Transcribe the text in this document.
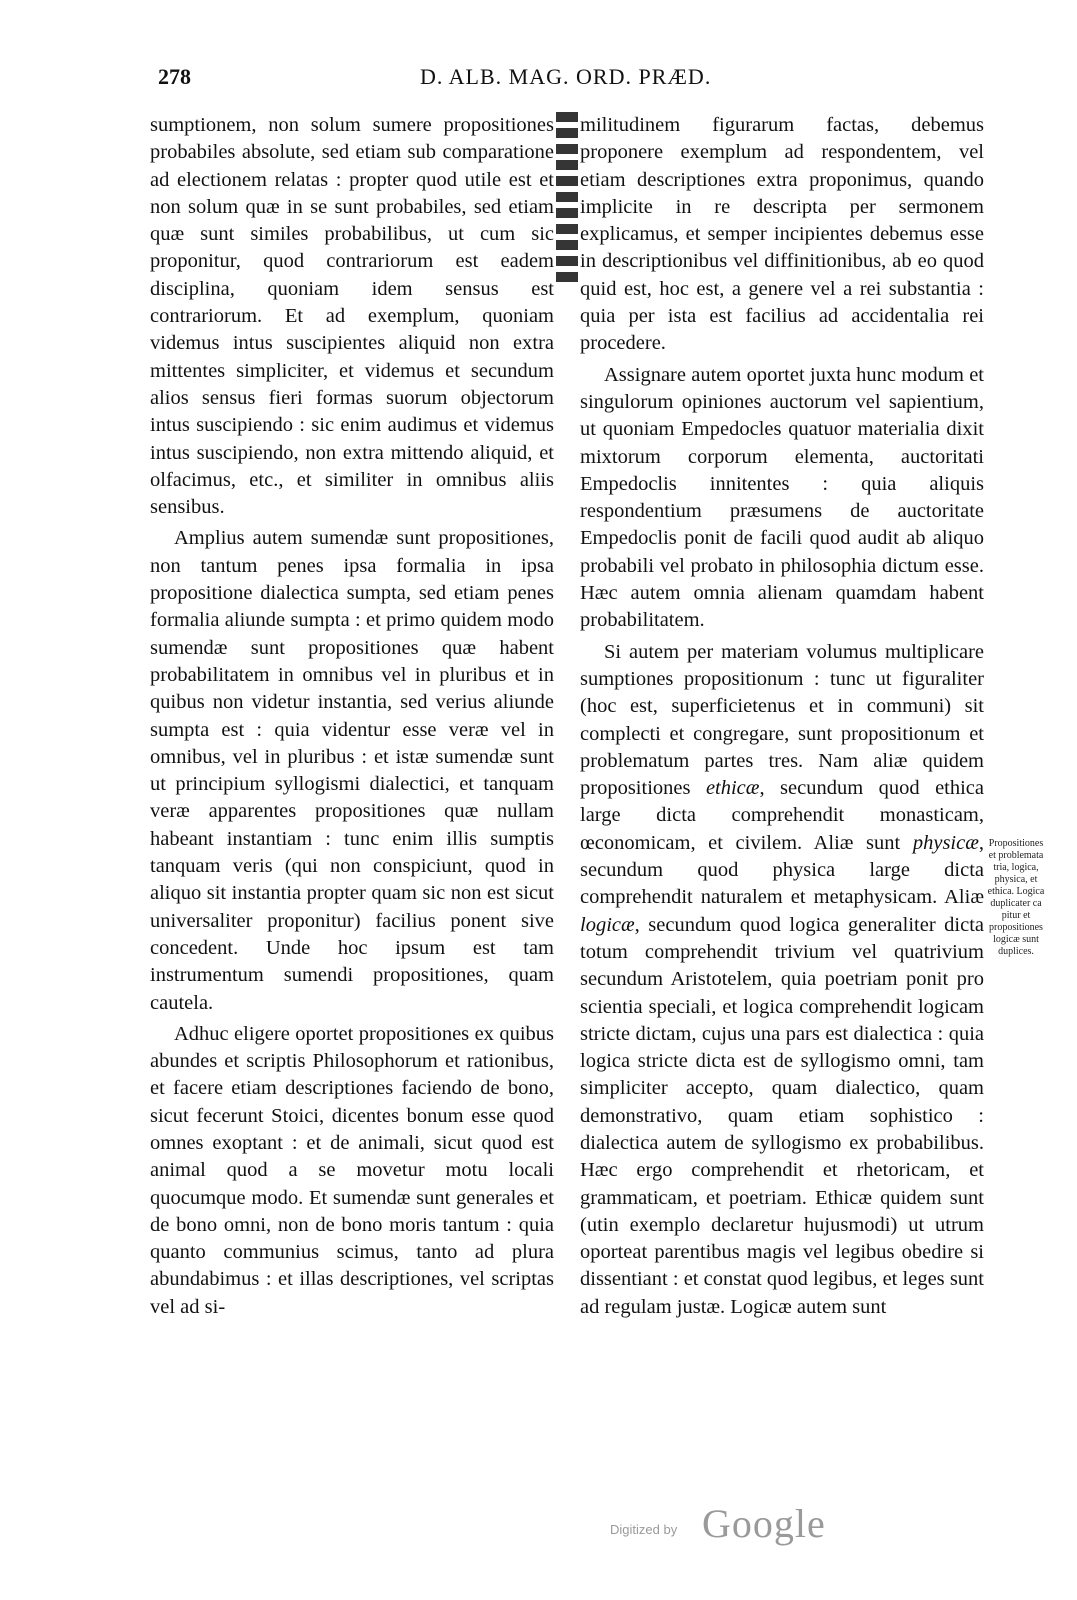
278	D. ALB. MAG. ORD. PRÆD.

sumptionem, non solum sumere propositiones probabiles absolute, sed etiam sub comparatione ad electionem relatas : propter quod utile est et non solum quæ in se sunt probabiles, sed etiam quæ sunt similes probabilibus, ut cum sic proponitur, quod contrariorum est eadem disciplina, quoniam idem sensus est contrariorum. Et ad exemplum, quoniam videmus intus suscipientes aliquid non extra mittentes simpliciter, et videmus et secundum alios sensus fieri formas suorum objectorum intus suscipiendo : sic enim audimus et videmus intus suscipiendo, non extra mittendo aliquid, et olfacimus, etc., et similiter in omnibus aliis sensibus.

Amplius autem sumendæ sunt propositiones, non tantum penes ipsa formalia in ipsa propositione dialectica sumpta, sed etiam penes formalia aliunde sumpta : et primo quidem modo sumendæ sunt propositiones quæ habent probabilitatem in omnibus vel in pluribus et in quibus non videtur instantia, sed verius aliunde sumpta est : quia videntur esse veræ vel in omnibus, vel in pluribus : et istæ sumendæ sunt ut principium syllogismi dialectici, et tanquam veræ apparentes propositiones quæ nullam habeant instantiam : tunc enim illis sumptis tanquam veris (qui non conspiciunt, quod in aliquo sit instantia propter quam sic non est sicut universaliter proponitur) facilius ponent sive concedent. Unde hoc ipsum est tam instrumentum sumendi propositiones, quam cautela.

Adhuc eligere oportet propositiones ex quibus abundes et scriptis Philosophorum et rationibus, et facere etiam descriptiones faciendo de bono, sicut fecerunt Stoici, dicentes bonum esse quod omnes exoptant : et de animali, sicut quod est animal quod a se movetur motu locali quocumque modo. Et sumendæ sunt generales et de bono omni, non de bono moris tantum : quia quanto communius scimus, tanto ad plura abundabimus : et illas descriptiones, vel scriptas vel ad si-

militudinem figurarum factas, debemus proponere exemplum ad respondentem, vel etiam descriptiones extra proponimus, quando implicite in re descripta per sermonem explicamus, et semper incipientes debemus esse in descriptionibus vel diffinitionibus, ab eo quod quid est, hoc est, a genere vel a rei substantia : quia per ista est facilius ad accidentalia rei procedere.

Assignare autem oportet juxta hunc modum et singulorum opiniones auctorum vel sapientium, ut quoniam Empedocles quatuor materialia dixit mixtorum corporum elementa, auctoritati Empedoclis innitentes : quia aliquis respondentium præsumens de auctoritate Empedoclis ponit de facili quod audit ab aliquo probabili vel probato in philosophia dictum esse. Hæc autem omnia alienam quamdam habent probabilitatem.

Si autem per materiam volumus multiplicare sumptiones propositionum : tunc ut figuraliter (hoc est, superficietenus et in communi) sit complecti et congregare, sunt propositionum et problematum partes tres. Nam aliæ quidem propositiones ethicæ, secundum quod ethica large dicta comprehendit monasticam, œconomicam, et civilem. Aliæ sunt physicæ, secundum quod physica large dicta comprehendit naturalem et metaphysicam. Aliæ logicæ, secundum quod logica generaliter dicta totum comprehendit trivium vel quatrivium secundum Aristotelem, quia poetriam ponit pro scientia speciali, et logica comprehendit logicam stricte dictam, cujus una pars est dialectica : quia logica stricte dicta est de syllogismo omni, tam simpliciter accepto, quam dialectico, quam demonstrativo, quam etiam sophistico : dialectica autem de syllogismo ex probabilibus. Hæc ergo comprehendit et rhetoricam, et grammaticam, et poetriam. Ethicæ quidem sunt (utin exemplo declaretur hujusmodi) ut utrum oporteat parentibus magis vel legibus obedire si dissentiant : et constat quod legibus, et leges sunt ad regulam justæ. Logicæ autem sunt

Propositiones et problemata tria, logica, physica, et ethica. Logica duplicater ca pitur et propositiones logicæ sunt duplices.
Digitized by Google
